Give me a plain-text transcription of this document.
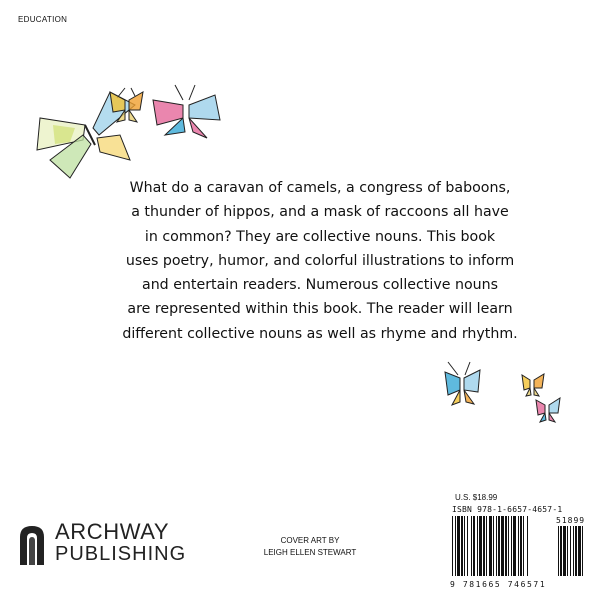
EDUCATION
What do a caravan of camels, a congress of baboons,
a thunder of hippos, and a mask of raccoons all have
in common? They are collective nouns. This book
uses poetry, humor, and colorful illustrations to inform
and entertain readers. Numerous collective nouns
are represented within this book. The reader will learn
different collective nouns as well as rhyme and rhythm.
ARCHWAY
PUBLISHING
COVER ART BY
LEIGH ELLEN STEWART
U.S. $18.99
ISBN 978-1-6657-4657-1
51899
9 781665 746571
